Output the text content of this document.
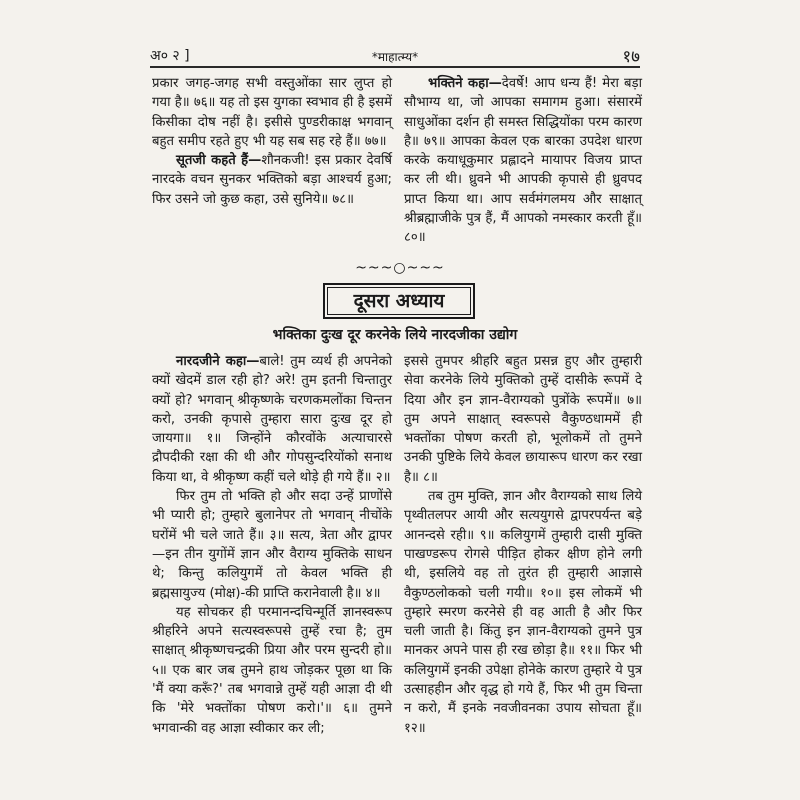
अ० २ ]	*माहात्म्य*	१७

प्रकार जगह-जगह सभी वस्तुओंका सार लुप्त हो गया है॥ ७६॥ यह तो इस युगका स्वभाव ही है इसमें किसीका दोष नहीं है। इसीसे पुण्डरीकाक्ष भगवान् बहुत समीप रहते हुए भी यह सब सह रहे हैं॥ ७७॥

सूतजी कहते हैं—शौनकजी! इस प्रकार देवर्षि नारदके वचन सुनकर भक्तिको बड़ा आश्चर्य हुआ; फिर उसने जो कुछ कहा, उसे सुनिये॥ ७८॥

भक्तिने कहा—देवर्षे! आप धन्य हैं! मेरा बड़ा सौभाग्य था, जो आपका समागम हुआ। संसारमें साधुओंका दर्शन ही समस्त सिद्धियोंका परम कारण है॥ ७९॥ आपका केवल एक बारका उपदेश धारण करके कयाधूकुमार प्रह्लादने मायापर विजय प्राप्त कर ली थी। ध्रुवने भी आपकी कृपासे ही ध्रुवपद प्राप्त किया था। आप सर्वमंगलमय और साक्षात् श्रीब्रह्माजीके पुत्र हैं, मैं आपको नमस्कार करती हूँ॥ ८०॥

~~~○~~~
दूसरा अध्याय
भक्तिका दुःख दूर करनेके लिये नारदजीका उद्योग

नारदजीने कहा—बाले! तुम व्यर्थ ही अपनेको क्यों खेदमें डाल रही हो? अरे! तुम इतनी चिन्तातुर क्यों हो? भगवान् श्रीकृष्णके चरणकमलोंका चिन्तन करो, उनकी कृपासे तुम्हारा सारा दुःख दूर हो जायगा॥ १॥ जिन्होंने कौरवोंके अत्याचारसे द्रौपदीकी रक्षा की थी और गोपसुन्दरियोंको सनाथ किया था, वे श्रीकृष्ण कहीं चले थोड़े ही गये हैं॥ २॥

फिर तुम तो भक्ति हो और सदा उन्हें प्राणोंसे भी प्यारी हो; तुम्हारे बुलानेपर तो भगवान् नीचोंके घरोंमें भी चले जाते हैं॥ ३॥ सत्य, त्रेता और द्वापर—इन तीन युगोंमें ज्ञान और वैराग्य मुक्तिके साधन थे; किन्तु कलियुगमें तो केवल भक्ति ही ब्रह्मसायुज्य (मोक्ष)-की प्राप्ति करानेवाली है॥ ४॥

यह सोचकर ही परमानन्दचिन्मूर्ति ज्ञानस्वरूप श्रीहरिने अपने सत्यस्वरूपसे तुम्हें रचा है; तुम साक्षात् श्रीकृष्णचन्द्रकी प्रिया और परम सुन्दरी हो॥ ५॥ एक बार जब तुमने हाथ जोड़कर पूछा था कि 'मैं क्या करूँ?' तब भगवान्ने तुम्हें यही आज्ञा दी थी कि 'मेरे भक्तोंका पोषण करो।'॥ ६॥ तुमने भगवान्की वह आज्ञा स्वीकार कर ली;

इससे तुमपर श्रीहरि बहुत प्रसन्न हुए और तुम्हारी सेवा करनेके लिये मुक्तिको तुम्हें दासीके रूपमें दे दिया और इन ज्ञान-वैराग्यको पुत्रोंके रूपमें॥ ७॥ तुम अपने साक्षात् स्वरूपसे वैकुण्ठधाममें ही भक्तोंका पोषण करती हो, भूलोकमें तो तुमने उनकी पुष्टिके लिये केवल छायारूप धारण कर रखा है॥ ८॥

तब तुम मुक्ति, ज्ञान और वैराग्यको साथ लिये पृथ्वीतलपर आयी और सत्ययुगसे द्वापरपर्यन्त बड़े आनन्दसे रही॥ ९॥ कलियुगमें तुम्हारी दासी मुक्ति पाखण्डरूप रोगसे पीड़ित होकर क्षीण होने लगी थी, इसलिये वह तो तुरंत ही तुम्हारी आज्ञासे वैकुण्ठलोकको चली गयी॥ १०॥ इस लोकमें भी तुम्हारे स्मरण करनेसे ही वह आती है और फिर चली जाती है। किंतु इन ज्ञान-वैराग्यको तुमने पुत्र मानकर अपने पास ही रख छोड़ा है॥ ११॥ फिर भी कलियुगमें इनकी उपेक्षा होनेके कारण तुम्हारे ये पुत्र उत्साहहीन और वृद्ध हो गये हैं, फिर भी तुम चिन्ता न करो, मैं इनके नवजीवनका उपाय सोचता हूँ॥ १२॥
